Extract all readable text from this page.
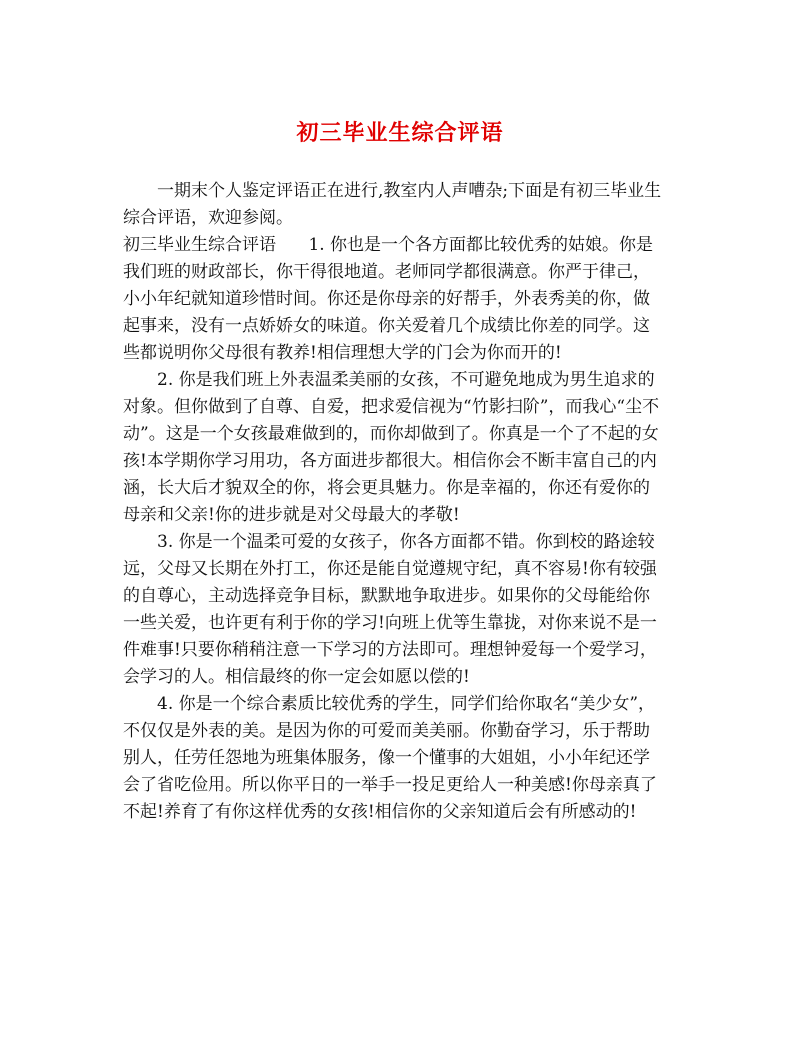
初三毕业生综合评语

一期末个人鉴定评语正在进行,教室内人声嘈杂;下面是有初三毕业生综合评语，欢迎参阅。

初三毕业生综合评语 1. 你也是一个各方面都比较优秀的姑娘。你是我们班的财政部长，你干得很地道。老师同学都很满意。你严于律己，小小年纪就知道珍惜时间。你还是你母亲的好帮手，外表秀美的你，做起事来，没有一点娇娇女的味道。你关爱着几个成绩比你差的同学。这些都说明你父母很有教养!相信理想大学的门会为你而开的!

2. 你是我们班上外表温柔美丽的女孩，不可避免地成为男生追求的对象。但你做到了自尊、自爱，把求爱信视为“竹影扫阶”，而我心“尘不动”。这是一个女孩最难做到的，而你却做到了。你真是一个了不起的女孩!本学期你学习用功，各方面进步都很大。相信你会不断丰富自己的内涵，长大后才貌双全的你，将会更具魅力。你是幸福的，你还有爱你的母亲和父亲!你的进步就是对父母最大的孝敬!

3. 你是一个温柔可爱的女孩子，你各方面都不错。你到校的路途较远，父母又长期在外打工，你还是能自觉遵规守纪，真不容易!你有较强的自尊心，主动选择竞争目标，默默地争取进步。如果你的父母能给你一些关爱，也许更有利于你的学习!向班上优等生靠拢，对你来说不是一件难事!只要你稍稍注意一下学习的方法即可。理想钟爱每一个爱学习，会学习的人。相信最终的你一定会如愿以偿的!

4. 你是一个综合素质比较优秀的学生，同学们给你取名“美少女”，不仅仅是外表的美。是因为你的可爱而美美丽。你勤奋学习，乐于帮助别人，任劳任怨地为班集体服务，像一个懂事的大姐姐，小小年纪还学会了省吃俭用。所以你平日的一举手一投足更给人一种美感!你母亲真了不起!养育了有你这样优秀的女孩!相信你的父亲知道后会有所感动的!
